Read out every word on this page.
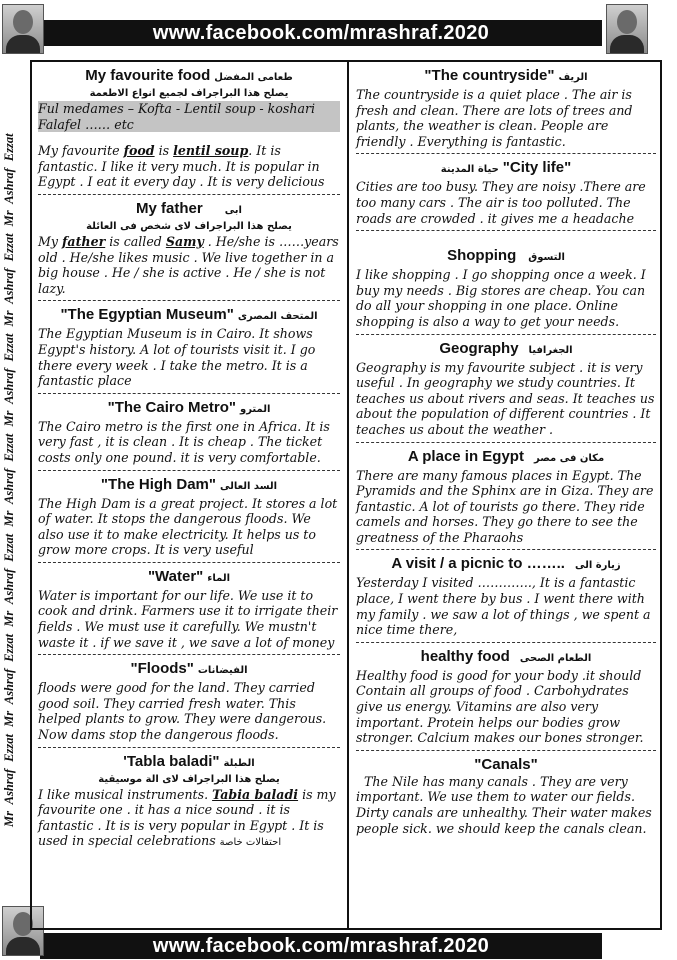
www.facebook.com/mrashraf.2020
www.facebook.com/mrashraf.2020
Mr Ashraf Ezzat Mr Ashraf Ezzat Mr Ashraf Ezzat Mr Ashraf Ezzat Mr Ashraf Ezzat Mr Ashraf Ezzat Mr Ashraf Ezzat
My favourite food طعامى المفضل
يصلح هذا البراجراف لجميع انواع الاطعمة

Ful medames – Kofta - Lentil soup - koshari
Falafel …… etc

My favourite food is lentil soup. It is fantastic. I like it very much. It is popular in Egypt . I eat it every day . It is very delicious

My father ابى
يصلح هذا البراجراف لاى شخص فى العائلة

My father is called Samy . He/she is ……years old . He/she likes music . We live together in a big house . He / she is active . He / she is not lazy.

"The Egyptian Museum" المتحف المصرى

The Egyptian Museum is in Cairo. It shows Egypt's history. A lot of tourists visit it. I go there every week . I take the metro. It is a fantastic place

"The Cairo Metro" المترو

The Cairo metro is the first one in Africa. It is very fast , it is clean . It is cheap . The ticket costs only one pound. it is very comfortable.

"The High Dam" السد العالى

The High Dam is a great project. It stores a lot of water. It stops the dangerous floods. We also use it to make electricity. It helps us to grow more crops. It is very useful

"Water" الماء

Water is important for our life. We use it to cook and drink. Farmers use it to irrigate their fields . We must use it carefully. We mustn't waste it . if we save it , we save a lot of money

"Floods" الفيضانات

floods were good for the land. They carried good soil. They carried fresh water. This helped plants to grow. They were dangerous. Now dams stop the dangerous floods.

'Tabla baladi" الطبلة
يصلح هذا البراجراف لاى الة موسيقية

I like musical instruments. Tabia baladi is my favourite one . it has a nice sound . it is fantastic . It is is very popular in Egypt . It is used in special celebrations احتفالات خاصة

"The countryside" الريف

The countryside is a quiet place . The air is fresh and clean. There are lots of trees and plants, the weather is clean. People are friendly . Everything is fantastic.

حياة المدينة "City life"

Cities are too busy. They are noisy .There are too many cars . The air is too polluted. The roads are crowded . it gives me a headache

Shopping التسوق

I like shopping . I go shopping once a week. I buy my needs . Big stores are cheap. You can do all your shopping in one place. Online shopping is also a way to get your needs.

Geography الجغرافيا

Geography is my favourite subject . it is very useful . In geography we study countries. It teaches us about rivers and seas. It teaches us about the population of different countries . It teaches us about the weather .

A place in Egypt مكان فى مصر

There are many famous places in Egypt. The Pyramids and the Sphinx are in Giza. They are fantastic. A lot of tourists go there. They ride camels and horses. They go there to see the greatness of the Pharaohs

A visit / a picnic to …….. زيارة الى

Yesterday I visited …………., It is a fantastic place, I went there by bus . I went there with my family . we saw a lot of things , we spent a nice time there,

healthy food الطعام الصحى

Healthy food is good for your body .it should Contain all groups of food . Carbohydrates give us energy. Vitamins are also very important. Protein helps our bodies grow stronger. Calcium makes our bones stronger.

"Canals"

The Nile has many canals . They are very important. We use them to water our fields. Dirty canals are unhealthy. Their water makes people sick. we should keep the canals clean.
